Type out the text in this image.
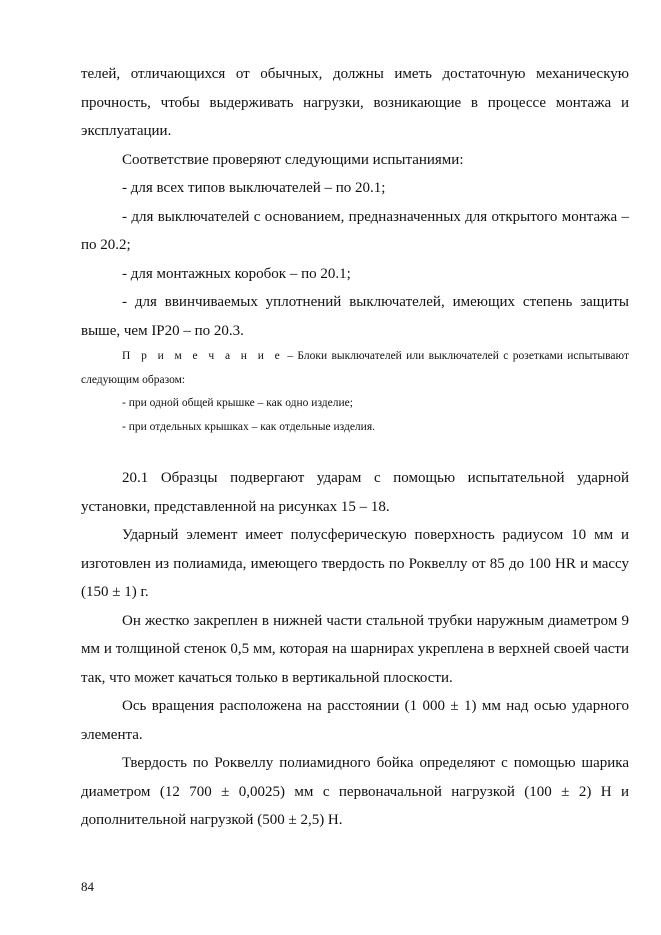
телей, отличающихся от обычных, должны иметь достаточную механическую прочность, чтобы выдерживать нагрузки, возникающие в процессе монтажа и эксплуатации.

Соответствие проверяют следующими испытаниями:

- для всех типов выключателей – по 20.1;

- для выключателей с основанием, предназначенных для открытого монтажа – по 20.2;

- для монтажных коробок – по 20.1;

- для ввинчиваемых уплотнений выключателей, имеющих степень защиты выше, чем IP20 – по 20.3.

П р и м е ч а н и е – Блоки выключателей или выключателей с розетками испытывают следующим образом:

- при одной общей крышке – как одно изделие;

- при отдельных крышках – как отдельные изделия.

20.1 Образцы подвергают ударам с помощью испытательной ударной установки, представленной на рисунках 15 – 18.

Ударный элемент имеет полусферическую поверхность радиусом 10 мм и изготовлен из полиамида, имеющего твердость по Роквеллу от 85 до 100 HR и массу (150 ± 1) г.

Он жестко закреплен в нижней части стальной трубки наружным диаметром 9 мм и толщиной стенок 0,5 мм, которая на шарнирах укреплена в верхней своей части так, что может качаться только в вертикальной плоскости.

Ось вращения расположена на расстоянии (1 000 ± 1) мм над осью ударного элемента.

Твердость по Роквеллу полиамидного бойка определяют с помощью шарика диаметром (12 700 ± 0,0025) мм с первоначальной нагрузкой (100 ± 2) Н и дополнительной нагрузкой (500 ± 2,5) Н.

84
